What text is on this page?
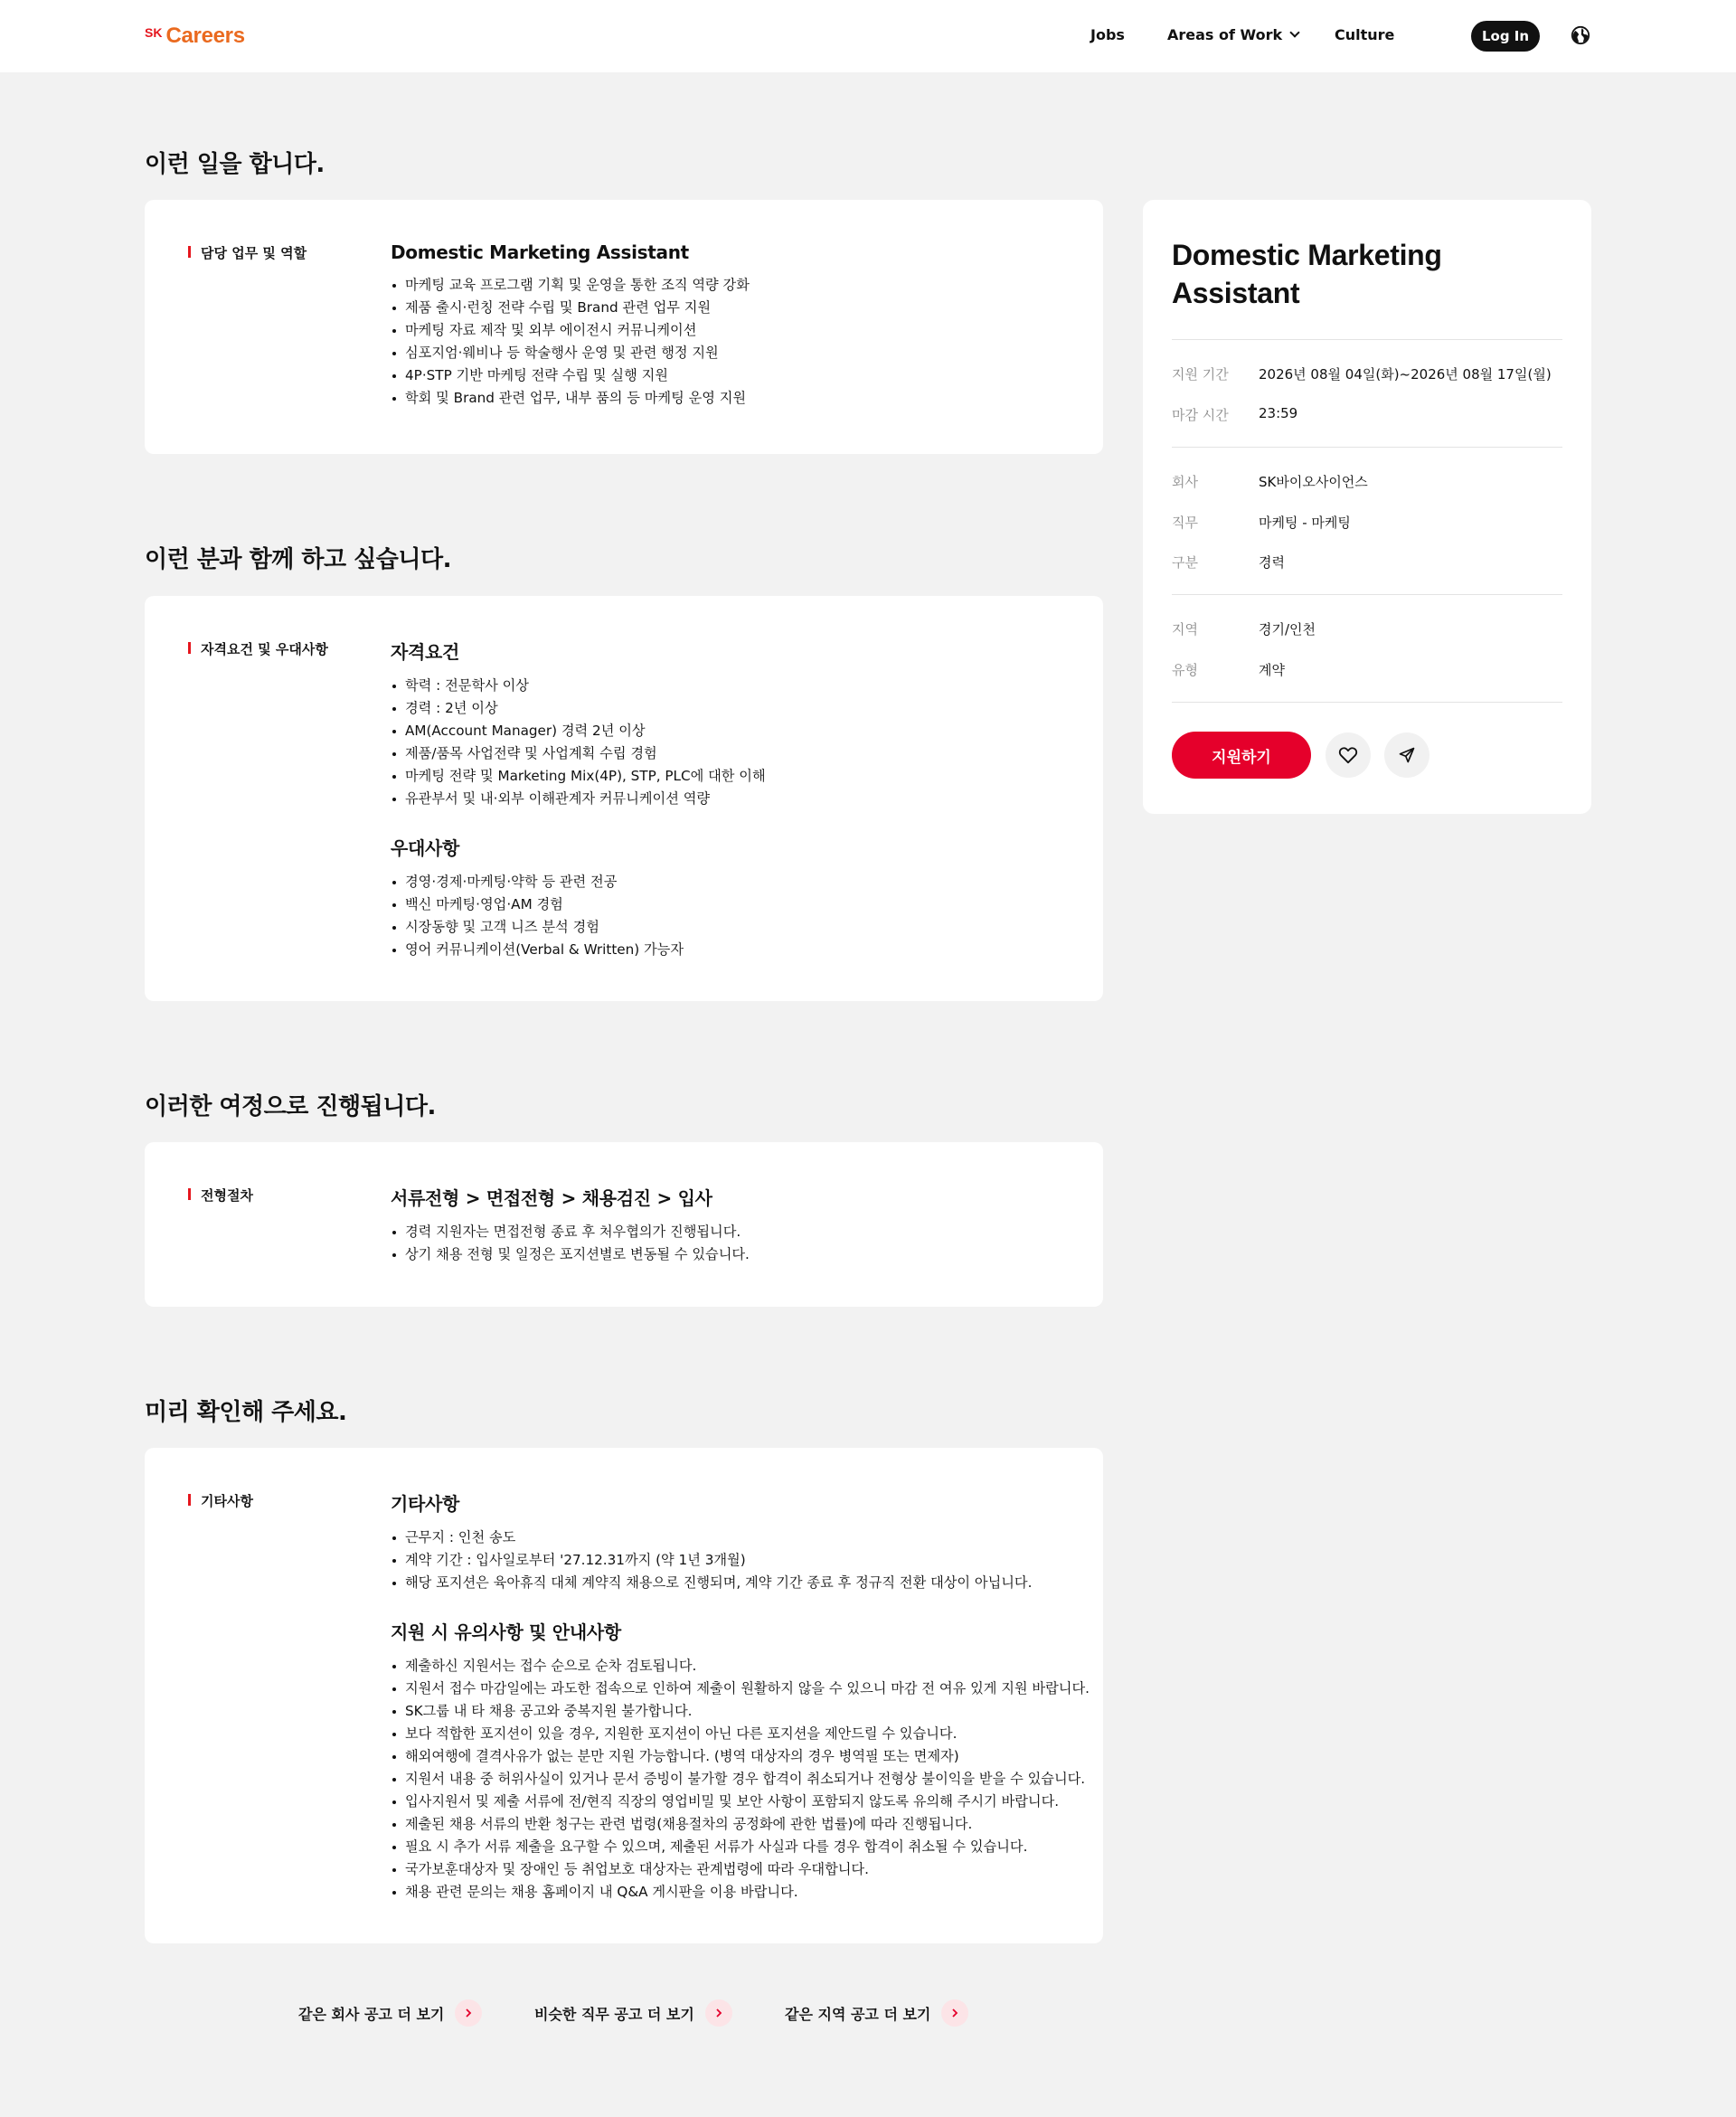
SK Careers	Jobs	Areas of Work	Culture	Log In
이런 일을 합니다.
담당 업무 및 역할	Domestic Marketing Assistant
마케팅 교육 프로그램 기획 및 운영을 통한 조직 역량 강화
제품 출시·런칭 전략 수립 및 Brand 관련 업무 지원
마케팅 자료 제작 및 외부 에이전시 커뮤니케이션
심포지엄·웨비나 등 학술행사 운영 및 관련 행정 지원
4P·STP 기반 마케팅 전략 수립 및 실행 지원
학회 및 Brand 관련 업무, 내부 품의 등 마케팅 운영 지원
이런 분과 함께 하고 싶습니다.
자격요건 및 우대사항	자격요건
학력 : 전문학사 이상
경력 : 2년 이상
AM(Account Manager) 경력 2년 이상
제품/품목 사업전략 및 사업계획 수립 경험
마케팅 전략 및 Marketing Mix(4P), STP, PLC에 대한 이해
유관부서 및 내·외부 이해관계자 커뮤니케이션 역량
우대사항
경영·경제·마케팅·약학 등 관련 전공
백신 마케팅·영업·AM 경험
시장동향 및 고객 니즈 분석 경험
영어 커뮤니케이션(Verbal & Written) 가능자
이러한 여정으로 진행됩니다.
전형절차	서류전형 > 면접전형 > 채용검진 > 입사
경력 지원자는 면접전형 종료 후 처우협의가 진행됩니다.
상기 채용 전형 및 일정은 포지션별로 변동될 수 있습니다.
미리 확인해 주세요.
기타사항	기타사항
근무지 : 인천 송도
계약 기간 : 입사일로부터 '27.12.31까지 (약 1년 3개월)
해당 포지션은 육아휴직 대체 계약직 채용으로 진행되며, 계약 기간 종료 후 정규직 전환 대상이 아닙니다.
지원 시 유의사항 및 안내사항
제출하신 지원서는 접수 순으로 순차 검토됩니다.
지원서 접수 마감일에는 과도한 접속으로 인하여 제출이 원활하지 않을 수 있으니 마감 전 여유 있게 지원 바랍니다.
SK그룹 내 타 채용 공고와 중복지원 불가합니다.
보다 적합한 포지션이 있을 경우, 지원한 포지션이 아닌 다른 포지션을 제안드릴 수 있습니다.
해외여행에 결격사유가 없는 분만 지원 가능합니다. (병역 대상자의 경우 병역필 또는 면제자)
지원서 내용 중 허위사실이 있거나 문서 증빙이 불가할 경우 합격이 취소되거나 전형상 불이익을 받을 수 있습니다.
입사지원서 및 제출 서류에 전/현직 직장의 영업비밀 및 보안 사항이 포함되지 않도록 유의해 주시기 바랍니다.
제출된 채용 서류의 반환 청구는 관련 법령(채용절차의 공정화에 관한 법률)에 따라 진행됩니다.
필요 시 추가 서류 제출을 요구할 수 있으며, 제출된 서류가 사실과 다를 경우 합격이 취소될 수 있습니다.
국가보훈대상자 및 장애인 등 취업보호 대상자는 관계법령에 따라 우대합니다.
채용 관련 문의는 채용 홈페이지 내 Q&A 게시판을 이용 바랍니다.
Domestic Marketing Assistant
지원 기간 2026년 08월 04일(화)~2026년 08월 17일(월)
마감 시간 23:59
회사	SK바이오사이언스
직무	마케팅 - 마케팅
구분	경력
지역	경기/인천
유형	계약
지원하기
같은 회사 공고 더 보기	비슷한 직무 공고 더 보기	같은 지역 공고 더 보기
